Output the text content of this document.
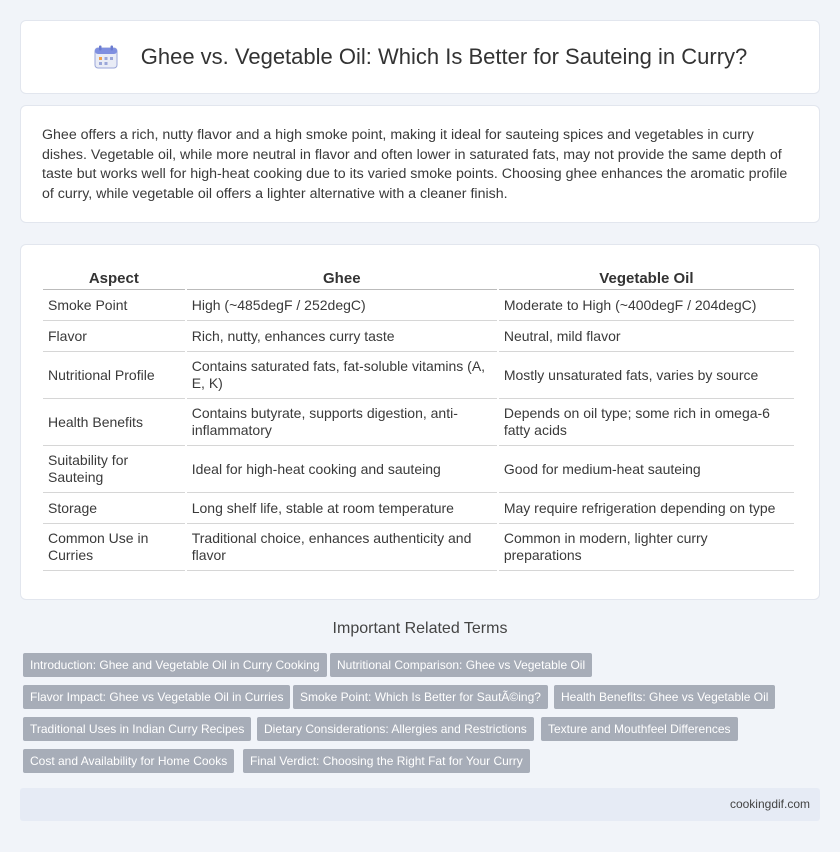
Ghee vs. Vegetable Oil: Which Is Better for Sauteing in Curry?

Ghee offers a rich, nutty flavor and a high smoke point, making it ideal for sauteing spices and vegetables in curry dishes. Vegetable oil, while more neutral in flavor and often lower in saturated fats, may not provide the same depth of taste but works well for high-heat cooking due to its varied smoke points. Choosing ghee enhances the aromatic profile of curry, while vegetable oil offers a lighter alternative with a cleaner finish.

Aspect	Ghee	Vegetable Oil
Smoke Point	High (~485degF / 252degC)	Moderate to High (~400degF / 204degC)
Flavor	Rich, nutty, enhances curry taste	Neutral, mild flavor
Nutritional Profile	Contains saturated fats, fat-soluble vitamins (A, E, K)	Mostly unsaturated fats, varies by source
Health Benefits	Contains butyrate, supports digestion, anti-inflammatory	Depends on oil type; some rich in omega-6 fatty acids
Suitability for Sauteing	Ideal for high-heat cooking and sauteing	Good for medium-heat sauteing
Storage	Long shelf life, stable at room temperature	May require refrigeration depending on type
Common Use in Curries	Traditional choice, enhances authenticity and flavor	Common in modern, lighter curry preparations
Important Related Terms
Introduction: Ghee and Vegetable Oil in Curry Cooking	Nutritional Comparison: Ghee vs Vegetable Oil
Flavor Impact: Ghee vs Vegetable Oil in Curries	Smoke Point: Which Is Better for SautÃ©ing?	Health Benefits: Ghee vs Vegetable Oil
Traditional Uses in Indian Curry Recipes	Dietary Considerations: Allergies and Restrictions	Texture and Mouthfeel Differences
Cost and Availability for Home Cooks	Final Verdict: Choosing the Right Fat for Your Curry
cookingdif.com
